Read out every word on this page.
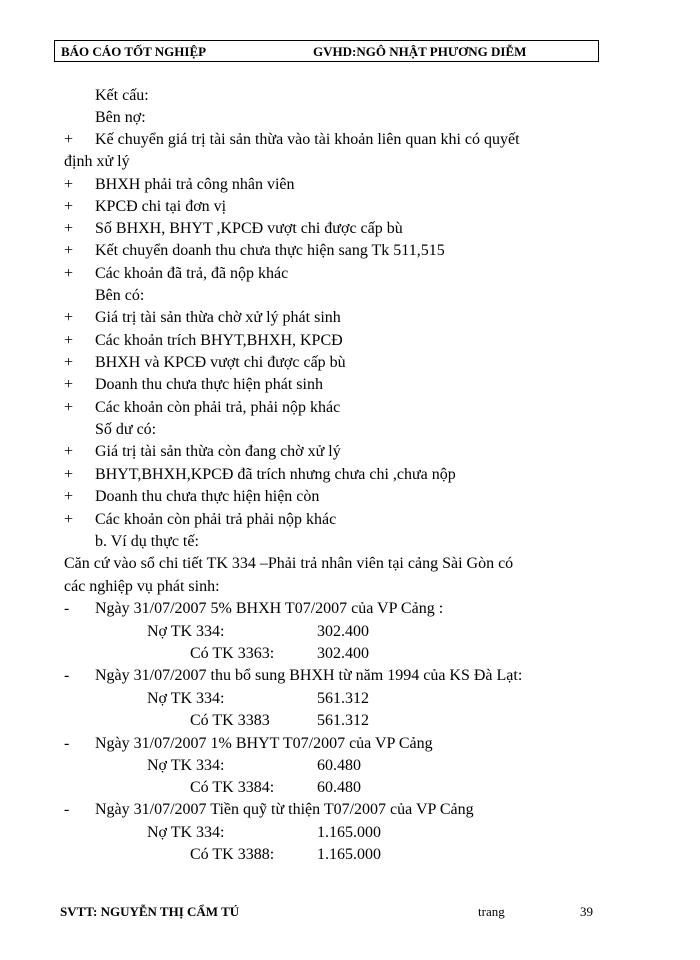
BÁO CÁO TỐT NGHIỆP	GVHD:NGÔ NHẬT PHƯƠNG DIỄM
Kết cấu:
Bên nợ:
+ Kế chuyển giá trị tài sản thừa vào tài khoản liên quan khi có quyết
định xử lý
+ BHXH phải trả công nhân viên
+ KPCĐ chi tại đơn vị
+ Số BHXH, BHYT ,KPCĐ vượt chi được cấp bù
+ Kết chuyển doanh thu chưa thực hiện sang Tk 511,515
+ Các khoản đã trả, đã nộp khác
Bên có:
+ Giá trị tài sản thừa chờ xử lý phát sinh
+ Các khoản trích BHYT,BHXH, KPCĐ
+ BHXH và KPCĐ vượt chi được cấp bù
+ Doanh thu chưa thực hiện phát sinh
+ Các khoản còn phải trả, phải nộp khác
Số dư có:
+ Giá trị tài sản thừa còn đang chờ xử lý
+ BHYT,BHXH,KPCĐ đã trích nhưng chưa chi ,chưa nộp
+ Doanh thu chưa thực hiện hiện còn
+ Các khoản còn phải trả phải nộp khác
b. Ví dụ thực tế:
Căn cứ vào sổ chi tiết TK 334 –Phải trả nhân viên tại cảng Sài Gòn có
các nghiệp vụ phát sinh:
- Ngày 31/07/2007 5% BHXH T07/2007 của VP Cảng :
Nợ TK 334:	302.400
Có TK 3363:	302.400
- Ngày 31/07/2007 thu bổ sung BHXH từ năm 1994 của KS Đà Lạt:
Nợ TK 334:	561.312
Có TK 3383	561.312
- Ngày 31/07/2007 1% BHYT T07/2007 của VP Cảng
Nợ TK 334:	60.480
Có TK 3384:	60.480
- Ngày 31/07/2007 Tiền quỹ từ thiện T07/2007 của VP Cảng
Nợ TK 334:	1.165.000
Có TK 3388:	1.165.000
SVTT: NGUYỄN THỊ CẨM TÚ	trang	39
